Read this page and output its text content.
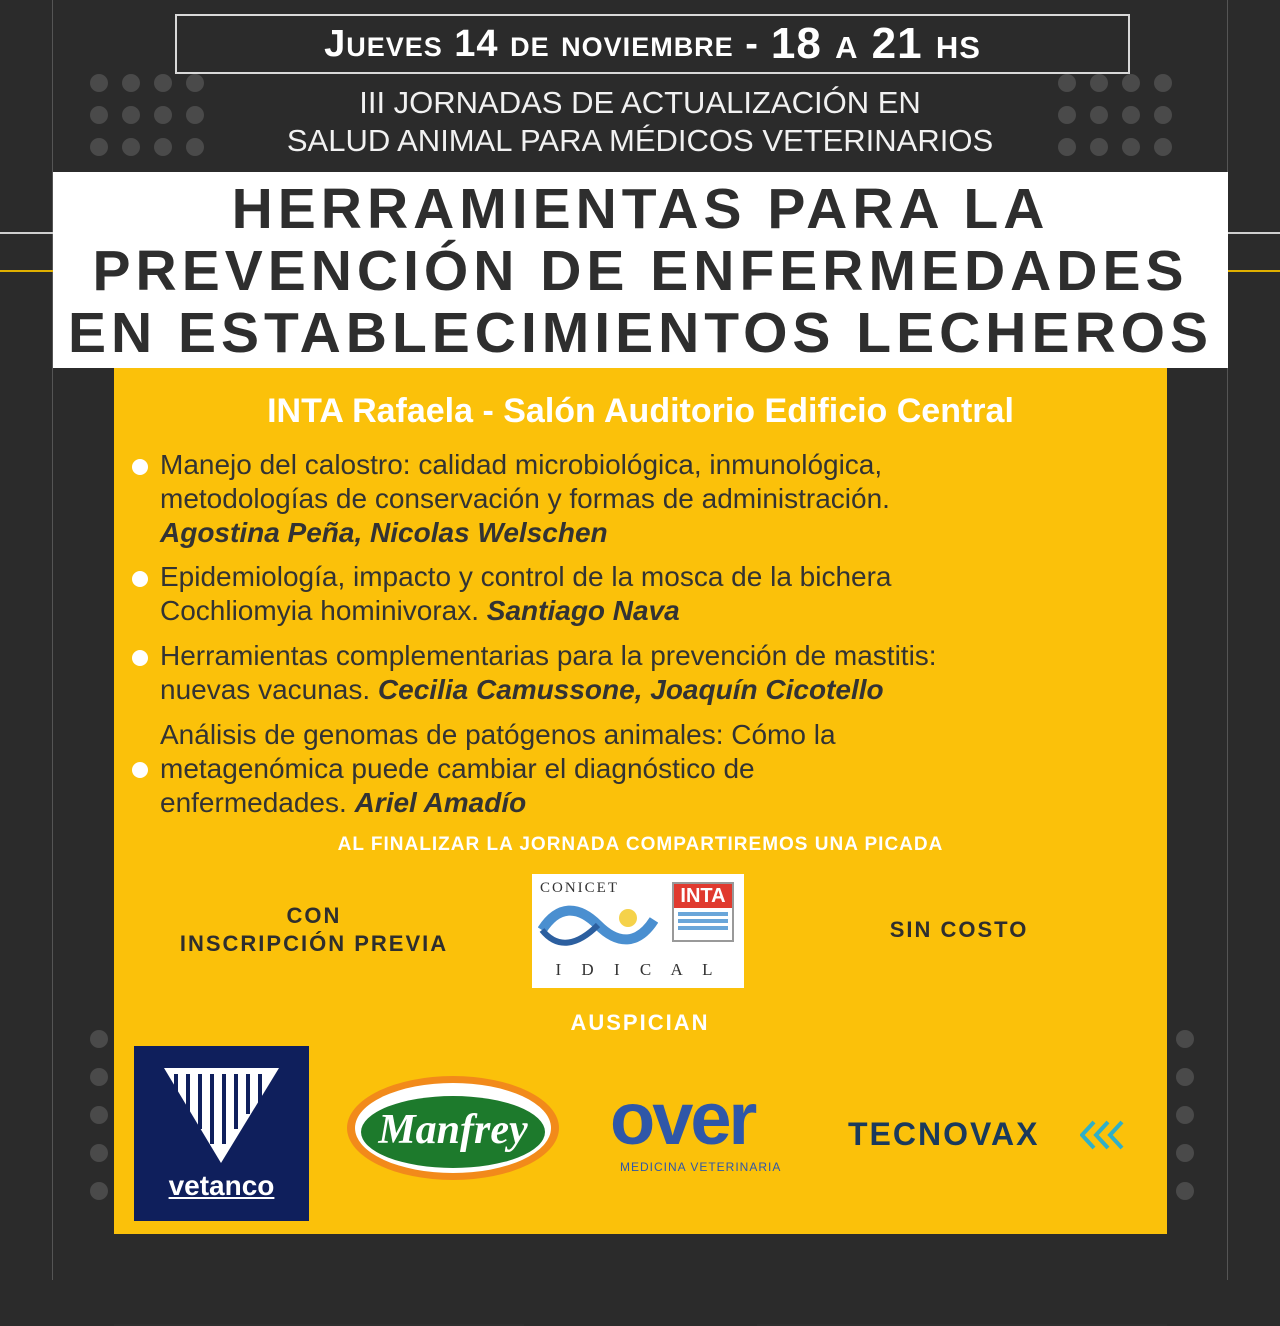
Jueves 14 de noviembre - 18 a 21 hs
III JORNADAS DE ACTUALIZACIÓN EN
SALUD ANIMAL PARA MÉDICOS VETERINARIOS
HERRAMIENTAS PARA LA
PREVENCIÓN DE ENFERMEDADES
EN ESTABLECIMIENTOS LECHEROS
INTA Rafaela - Salón Auditorio Edificio Central
Manejo del calostro: calidad microbiológica, inmunológica,
metodologías de conservación y formas de administración.
Agostina Peña, Nicolas Welschen
Epidemiología, impacto y control de la mosca de la bichera
Cochliomyia hominivorax. Santiago Nava
Herramientas complementarias para la prevención de mastitis:
nuevas vacunas. Cecilia Camussone, Joaquín Cicotello
Análisis de genomas de patógenos animales: Cómo la
metagenómica puede cambiar el diagnóstico de
enfermedades. Ariel Amadío
AL FINALIZAR LA JORNADA COMPARTIREMOS UNA PICADA
CON
INSCRIPCIÓN PREVIA
CONICET	INTA
I D I C A L
SIN COSTO
AUSPICIAN
vetanco
Manfrey	over
MEDICINA VETERINARIA
TECNOVAX
